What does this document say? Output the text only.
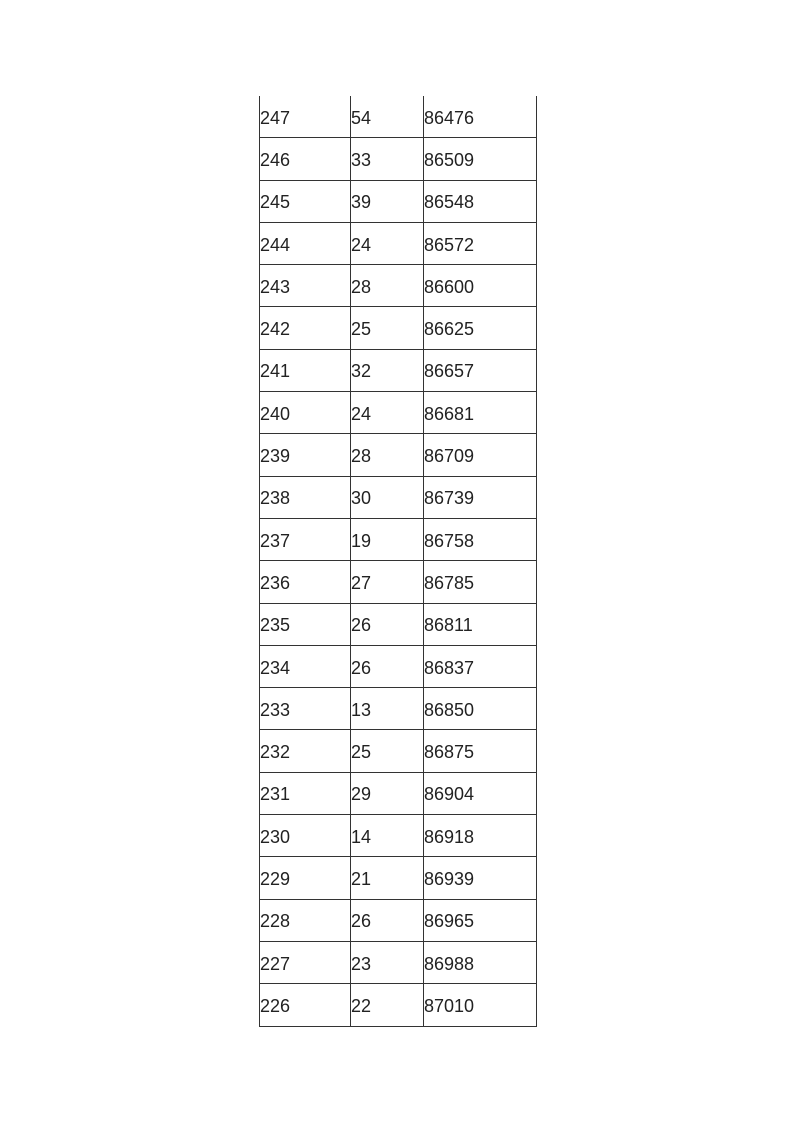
247	54	86476

246	33	86509

245	39	86548

244	24	86572

243	28	86600

242	25	86625

241	32	86657

240	24	86681

239	28	86709

238	30	86739

237	19	86758

236	27	86785

235	26	86811

234	26	86837

233	13	86850

232	25	86875

231	29	86904

230	14	86918

229	21	86939

228	26	86965

227	23	86988

226	22	87010
